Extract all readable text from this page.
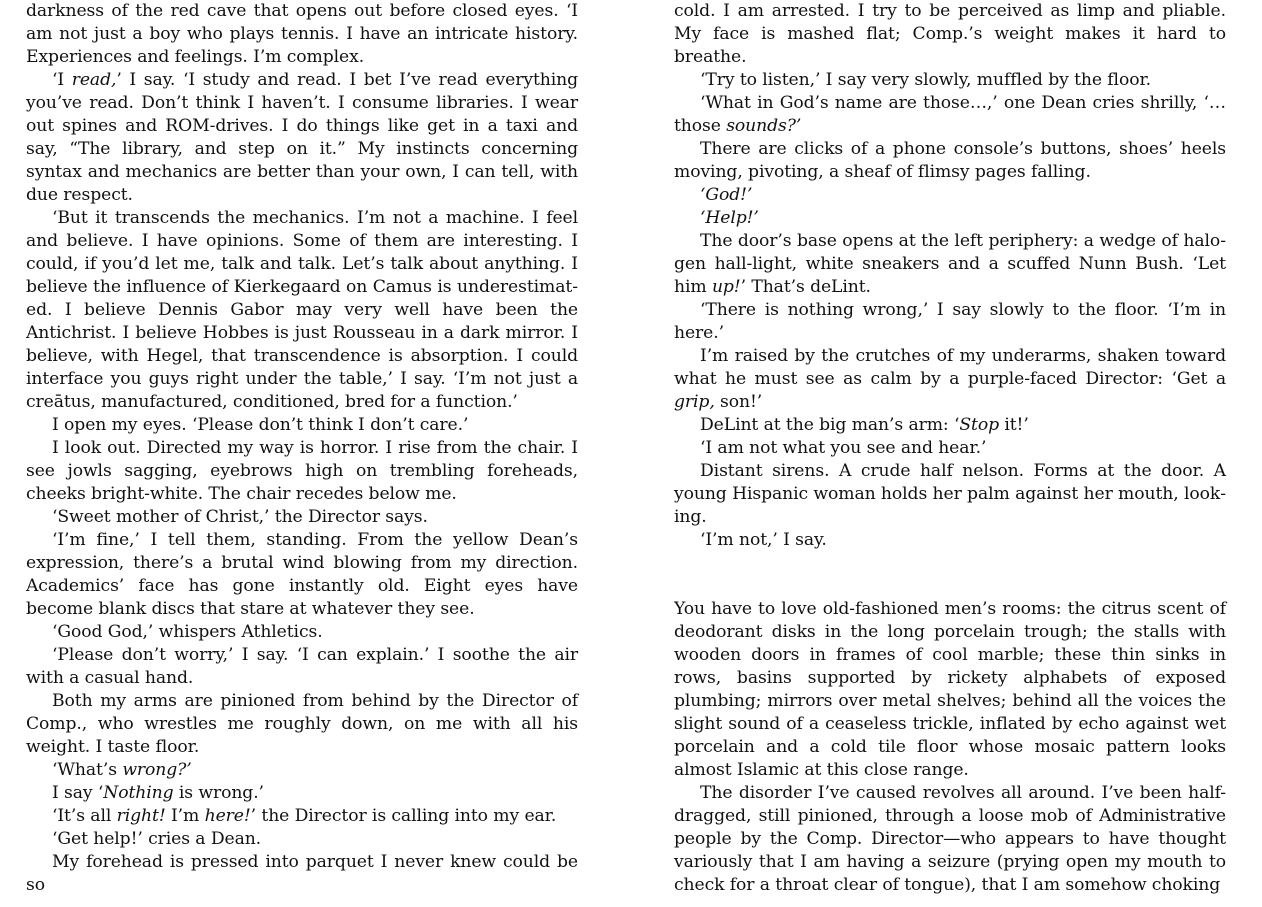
darkness of the red cave that opens out before closed eyes. ‘I am not just a boy who plays tennis. I have an intricate history. Experiences and feelings. I’m complex.

‘I read,’ I say. ‘I study and read. I bet I’ve read everything you’ve read. Don’t think I haven’t. I consume libraries. I wear out spines and ROM-drives. I do things like get in a taxi and say, “The library, and step on it.” My instincts concerning syntax and mechanics are better than your own, I can tell, with due respect.

‘But it transcends the mechanics. I’m not a machine. I feel and believe. I have opinions. Some of them are interesting. I could, if you’d let me, talk and talk. Let’s talk about anything. I believe the influence of Kierkegaard on Camus is underestimated. I believe Dennis Gabor may very well have been the Antichrist. I believe Hobbes is just Rousseau in a dark mirror. I believe, with Hegel, that transcendence is absorption. I could interface you guys right under the table,’ I say. ‘I’m not just a creātus, manufactured, conditioned, bred for a function.’

I open my eyes. ‘Please don’t think I don’t care.’

I look out. Directed my way is horror. I rise from the chair. I see jowls sagging, eyebrows high on trembling foreheads, cheeks bright-white. The chair recedes below me.

‘Sweet mother of Christ,’ the Director says.

‘I’m fine,’ I tell them, standing. From the yellow Dean’s expression, there’s a brutal wind blowing from my direction. Academics’ face has gone instantly old. Eight eyes have become blank discs that stare at whatever they see.

‘Good God,’ whispers Athletics.

‘Please don’t worry,’ I say. ‘I can explain.’ I soothe the air with a casual hand.

Both my arms are pinioned from behind by the Director of Comp., who wrestles me roughly down, on me with all his weight. I taste floor.

‘What’s wrong?’

I say ‘Nothing is wrong.’

‘It’s all right! I’m here!’ the Director is calling into my ear.

‘Get help!’ cries a Dean.

My forehead is pressed into parquet I never knew could be so

cold. I am arrested. I try to be perceived as limp and pliable. My face is mashed flat; Comp.’s weight makes it hard to breathe.

‘Try to listen,’ I say very slowly, muffled by the floor.

‘What in God’s name are those…,’ one Dean cries shrilly, ‘… those sounds?’

There are clicks of a phone console’s buttons, shoes’ heels moving, pivoting, a sheaf of flimsy pages falling.

‘God!’

‘Help!’

The door’s base opens at the left periphery: a wedge of halogen hall-light, white sneakers and a scuffed Nunn Bush. ‘Let him up!’ That’s deLint.

‘There is nothing wrong,’ I say slowly to the floor. ‘I’m in here.’

I’m raised by the crutches of my underarms, shaken toward what he must see as calm by a purple-faced Director: ‘Get a grip, son!’

DeLint at the big man’s arm: ‘Stop it!’

‘I am not what you see and hear.’

Distant sirens. A crude half nelson. Forms at the door. A young Hispanic woman holds her palm against her mouth, looking.

‘I’m not,’ I say.

You have to love old-fashioned men’s rooms: the citrus scent of deodorant disks in the long porcelain trough; the stalls with wooden doors in frames of cool marble; these thin sinks in rows, basins supported by rickety alphabets of exposed plumbing; mirrors over metal shelves; behind all the voices the slight sound of a ceaseless trickle, inflated by echo against wet porcelain and a cold tile floor whose mosaic pattern looks almost Islamic at this close range.

The disorder I’ve caused revolves all around. I’ve been half-dragged, still pinioned, through a loose mob of Administrative people by the Comp. Director—who appears to have thought variously that I am having a seizure (prying open my mouth to check for a throat clear of tongue), that I am somehow choking
